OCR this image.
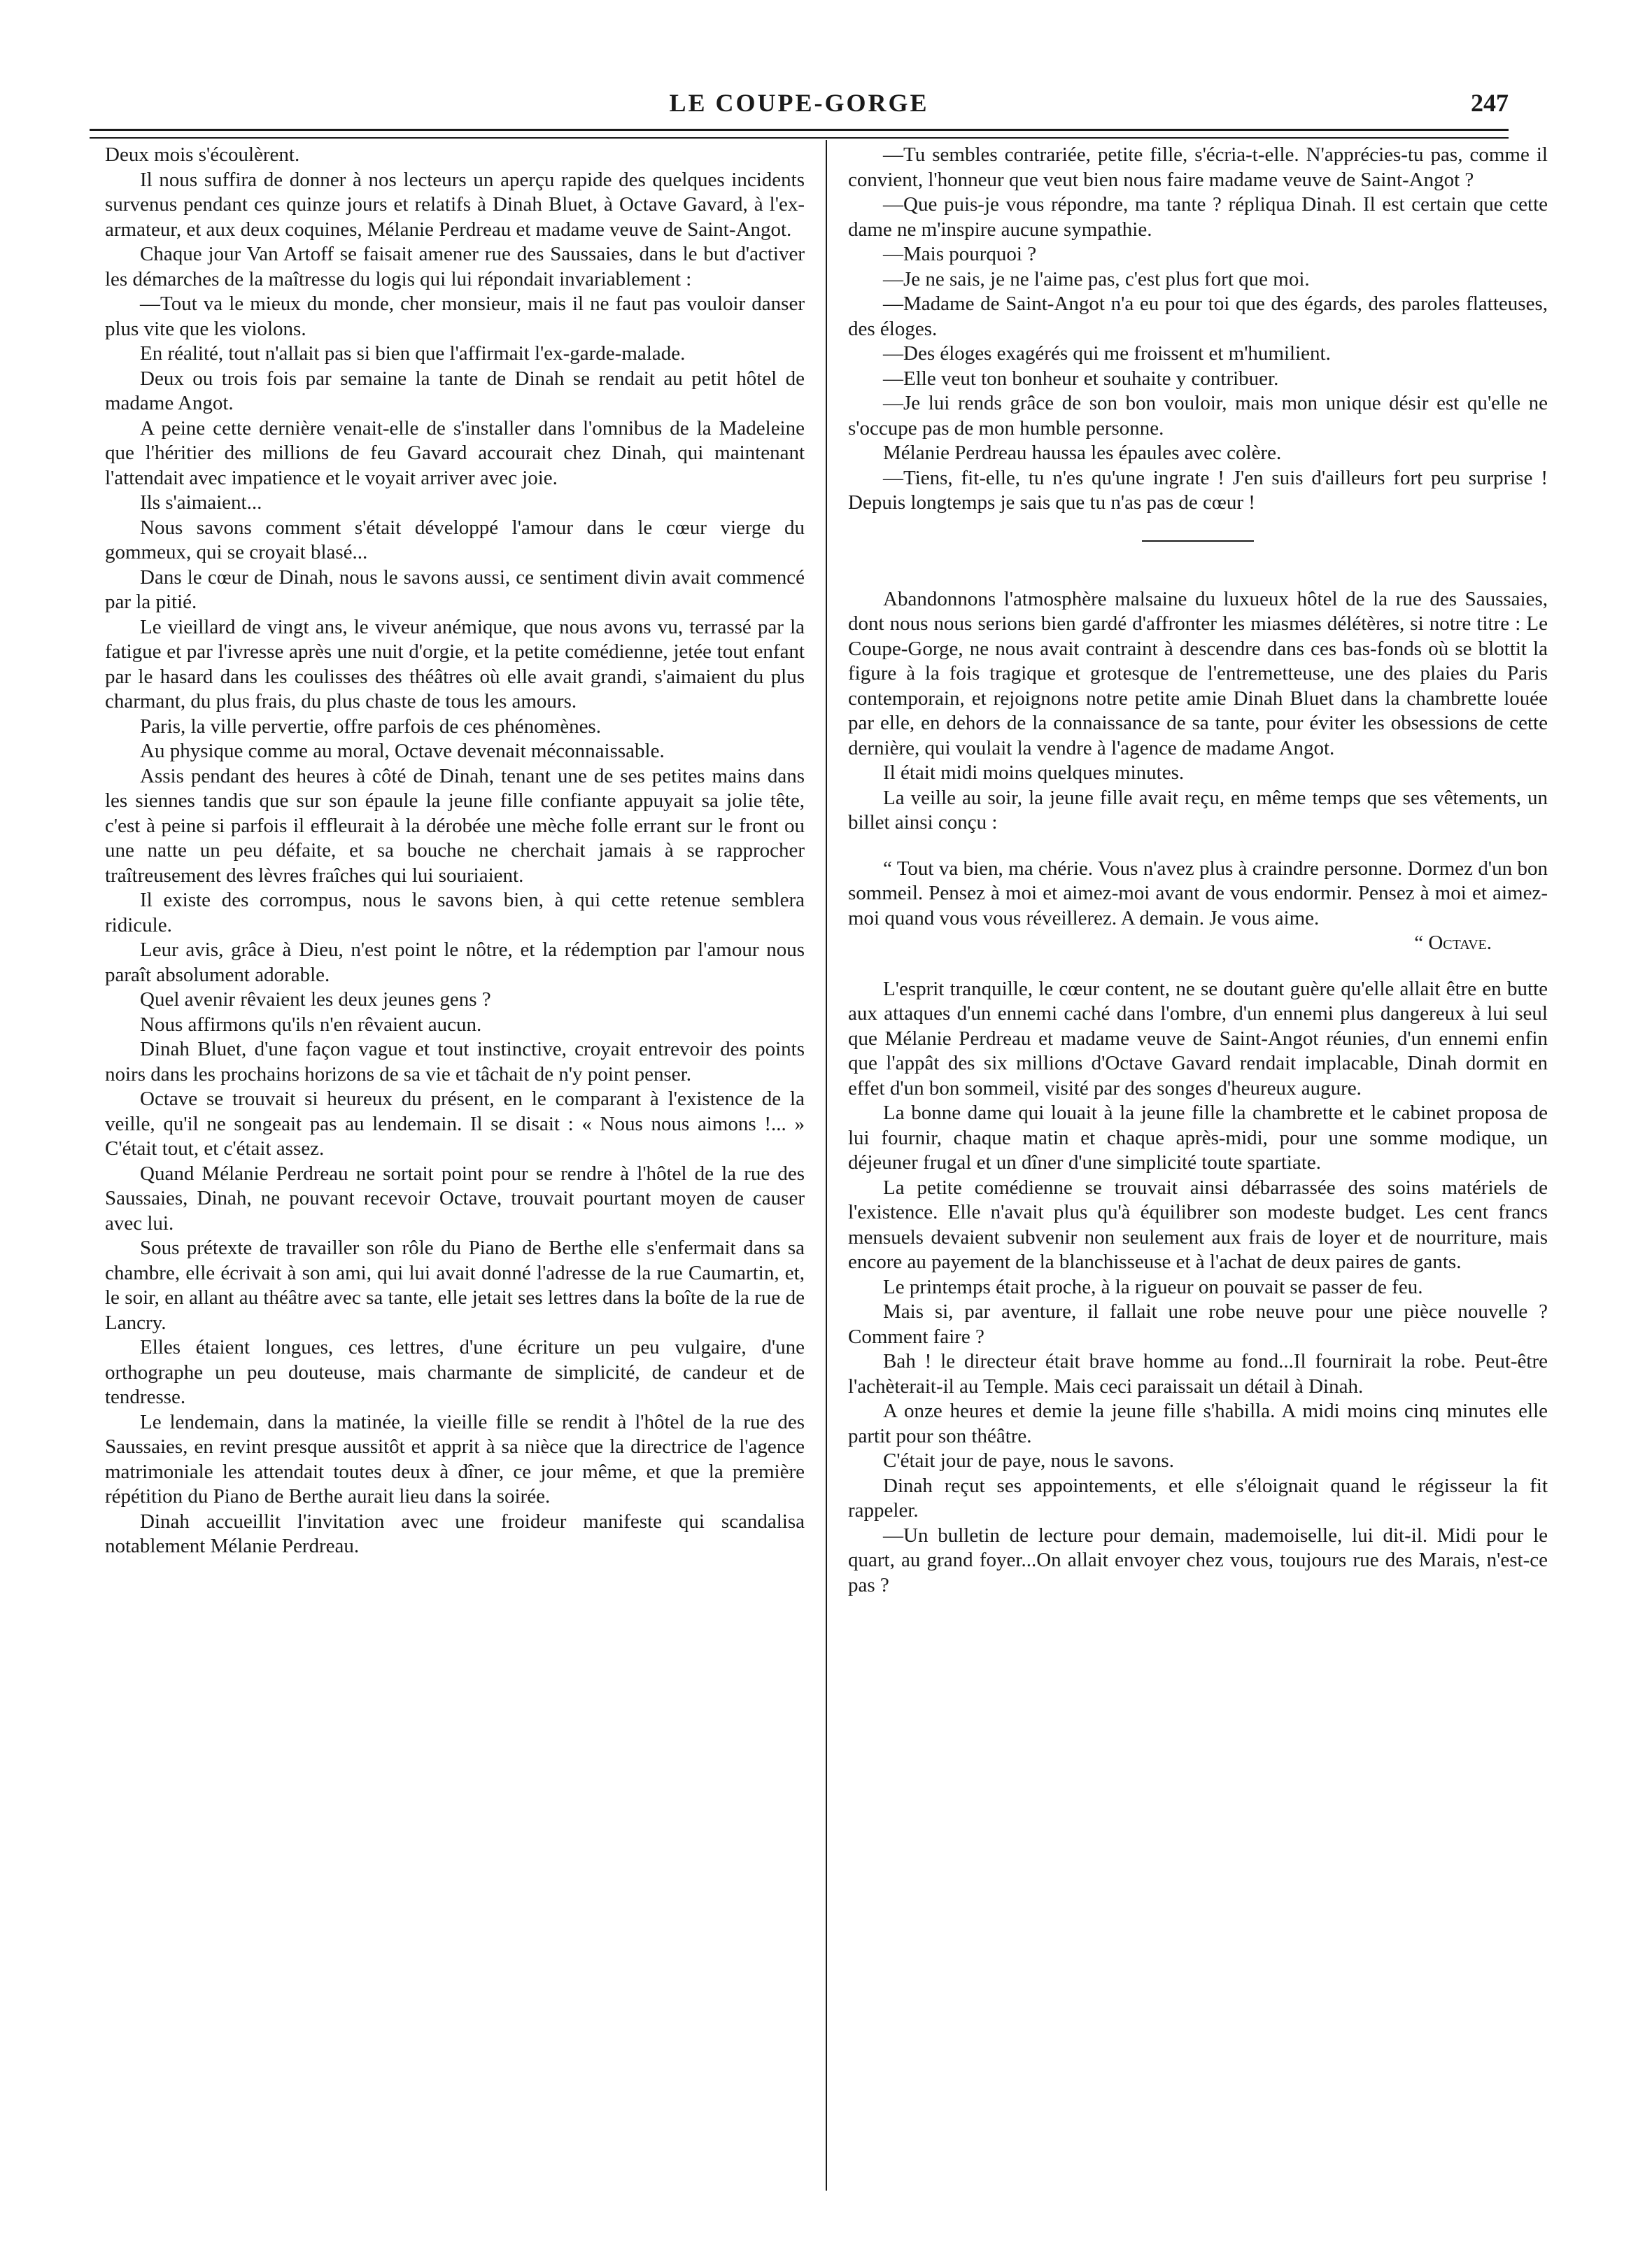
LE COUPE-GORGE	247

Deux mois s'écoulèrent.

Il nous suffira de donner à nos lecteurs un aperçu rapide des quelques incidents survenus pendant ces quinze jours et relatifs à Dinah Bluet, à Octave Gavard, à l'ex-armateur, et aux deux coquines, Mélanie Perdreau et madame veuve de Saint-Angot.

Chaque jour Van Artoff se faisait amener rue des Saussaies, dans le but d'activer les démarches de la maîtresse du logis qui lui répondait invariablement :

—Tout va le mieux du monde, cher monsieur, mais il ne faut pas vouloir danser plus vite que les violons.

En réalité, tout n'allait pas si bien que l'affirmait l'ex-garde-malade.

Deux ou trois fois par semaine la tante de Dinah se rendait au petit hôtel de madame Angot.

A peine cette dernière venait-elle de s'installer dans l'omnibus de la Madeleine que l'héritier des millions de feu Gavard accourait chez Dinah, qui maintenant l'attendait avec impatience et le voyait arriver avec joie.

Ils s'aimaient...

Nous savons comment s'était développé l'amour dans le cœur vierge du gommeux, qui se croyait blasé...

Dans le cœur de Dinah, nous le savons aussi, ce sentiment divin avait commencé par la pitié.

Le vieillard de vingt ans, le viveur anémique, que nous avons vu, terrassé par la fatigue et par l'ivresse après une nuit d'orgie, et la petite comédienne, jetée tout enfant par le hasard dans les coulisses des théâtres où elle avait grandi, s'aimaient du plus charmant, du plus frais, du plus chaste de tous les amours.

Paris, la ville pervertie, offre parfois de ces phénomènes.

Au physique comme au moral, Octave devenait méconnaissable.

Assis pendant des heures à côté de Dinah, tenant une de ses petites mains dans les siennes tandis que sur son épaule la jeune fille confiante appuyait sa jolie tête, c'est à peine si parfois il effleurait à la dérobée une mèche folle errant sur le front ou une natte un peu défaite, et sa bouche ne cherchait jamais à se rapprocher traîtreusement des lèvres fraîches qui lui souriaient.

Il existe des corrompus, nous le savons bien, à qui cette retenue semblera ridicule.

Leur avis, grâce à Dieu, n'est point le nôtre, et la rédemption par l'amour nous paraît absolument adorable.

Quel avenir rêvaient les deux jeunes gens ?

Nous affirmons qu'ils n'en rêvaient aucun.

Dinah Bluet, d'une façon vague et tout instinctive, croyait entrevoir des points noirs dans les prochains horizons de sa vie et tâchait de n'y point penser.

Octave se trouvait si heureux du présent, en le comparant à l'existence de la veille, qu'il ne songeait pas au lendemain. Il se disait : « Nous nous aimons !... » C'était tout, et c'était assez.

Quand Mélanie Perdreau ne sortait point pour se rendre à l'hôtel de la rue des Saussaies, Dinah, ne pouvant recevoir Octave, trouvait pourtant moyen de causer avec lui.

Sous prétexte de travailler son rôle du Piano de Berthe elle s'enfermait dans sa chambre, elle écrivait à son ami, qui lui avait donné l'adresse de la rue Caumartin, et, le soir, en allant au théâtre avec sa tante, elle jetait ses lettres dans la boîte de la rue de Lancry.

Elles étaient longues, ces lettres, d'une écriture un peu vulgaire, d'une orthographe un peu douteuse, mais charmante de simplicité, de candeur et de tendresse.

Le lendemain, dans la matinée, la vieille fille se rendit à l'hôtel de la rue des Saussaies, en revint presque aussitôt et apprit à sa nièce que la directrice de l'agence matrimoniale les attendait toutes deux à dîner, ce jour même, et que la première répétition du Piano de Berthe aurait lieu dans la soirée.

Dinah accueillit l'invitation avec une froideur manifeste qui scandalisa notablement Mélanie Perdreau.

—Tu sembles contrariée, petite fille, s'écria-t-elle. N'apprécies-tu pas, comme il convient, l'honneur que veut bien nous faire madame veuve de Saint-Angot ?

—Que puis-je vous répondre, ma tante ? répliqua Dinah. Il est certain que cette dame ne m'inspire aucune sympathie.

—Mais pourquoi ?

—Je ne sais, je ne l'aime pas, c'est plus fort que moi.

—Madame de Saint-Angot n'a eu pour toi que des égards, des paroles flatteuses, des éloges.

—Des éloges exagérés qui me froissent et m'humilient.

—Elle veut ton bonheur et souhaite y contribuer.

—Je lui rends grâce de son bon vouloir, mais mon unique désir est qu'elle ne s'occupe pas de mon humble personne.

Mélanie Perdreau haussa les épaules avec colère.

—Tiens, fit-elle, tu n'es qu'une ingrate ! J'en suis d'ailleurs fort peu surprise ! Depuis longtemps je sais que tu n'as pas de cœur !

Abandonnons l'atmosphère malsaine du luxueux hôtel de la rue des Saussaies, dont nous nous serions bien gardé d'affronter les miasmes délétères, si notre titre : Le Coupe-Gorge, ne nous avait contraint à descendre dans ces bas-fonds où se blottit la figure à la fois tragique et grotesque de l'entremetteuse, une des plaies du Paris contemporain, et rejoignons notre petite amie Dinah Bluet dans la chambrette louée par elle, en dehors de la connaissance de sa tante, pour éviter les obsessions de cette dernière, qui voulait la vendre à l'agence de madame Angot.

Il était midi moins quelques minutes.

La veille au soir, la jeune fille avait reçu, en même temps que ses vêtements, un billet ainsi conçu :

“ Tout va bien, ma chérie. Vous n'avez plus à craindre personne. Dormez d'un bon sommeil. Pensez à moi et aimez-moi avant de vous endormir. Pensez à moi et aimez-moi quand vous vous réveillerez. A demain. Je vous aime.

“ Octave.

L'esprit tranquille, le cœur content, ne se doutant guère qu'elle allait être en butte aux attaques d'un ennemi caché dans l'ombre, d'un ennemi plus dangereux à lui seul que Mélanie Perdreau et madame veuve de Saint-Angot réunies, d'un ennemi enfin que l'appât des six millions d'Octave Gavard rendait implacable, Dinah dormit en effet d'un bon sommeil, visité par des songes d'heureux augure.

La bonne dame qui louait à la jeune fille la chambrette et le cabinet proposa de lui fournir, chaque matin et chaque après-midi, pour une somme modique, un déjeuner frugal et un dîner d'une simplicité toute spartiate.

La petite comédienne se trouvait ainsi débarrassée des soins matériels de l'existence. Elle n'avait plus qu'à équilibrer son modeste budget. Les cent francs mensuels devaient subvenir non seulement aux frais de loyer et de nourriture, mais encore au payement de la blanchisseuse et à l'achat de deux paires de gants.

Le printemps était proche, à la rigueur on pouvait se passer de feu.

Mais si, par aventure, il fallait une robe neuve pour une pièce nouvelle ? Comment faire ?

Bah ! le directeur était brave homme au fond...Il fournirait la robe. Peut-être l'achèterait-il au Temple. Mais ceci paraissait un détail à Dinah.

A onze heures et demie la jeune fille s'habilla. A midi moins cinq minutes elle partit pour son théâtre.

C'était jour de paye, nous le savons.

Dinah reçut ses appointements, et elle s'éloignait quand le régisseur la fit rappeler.

—Un bulletin de lecture pour demain, mademoiselle, lui dit-il. Midi pour le quart, au grand foyer...On allait envoyer chez vous, toujours rue des Marais, n'est-ce pas ?
